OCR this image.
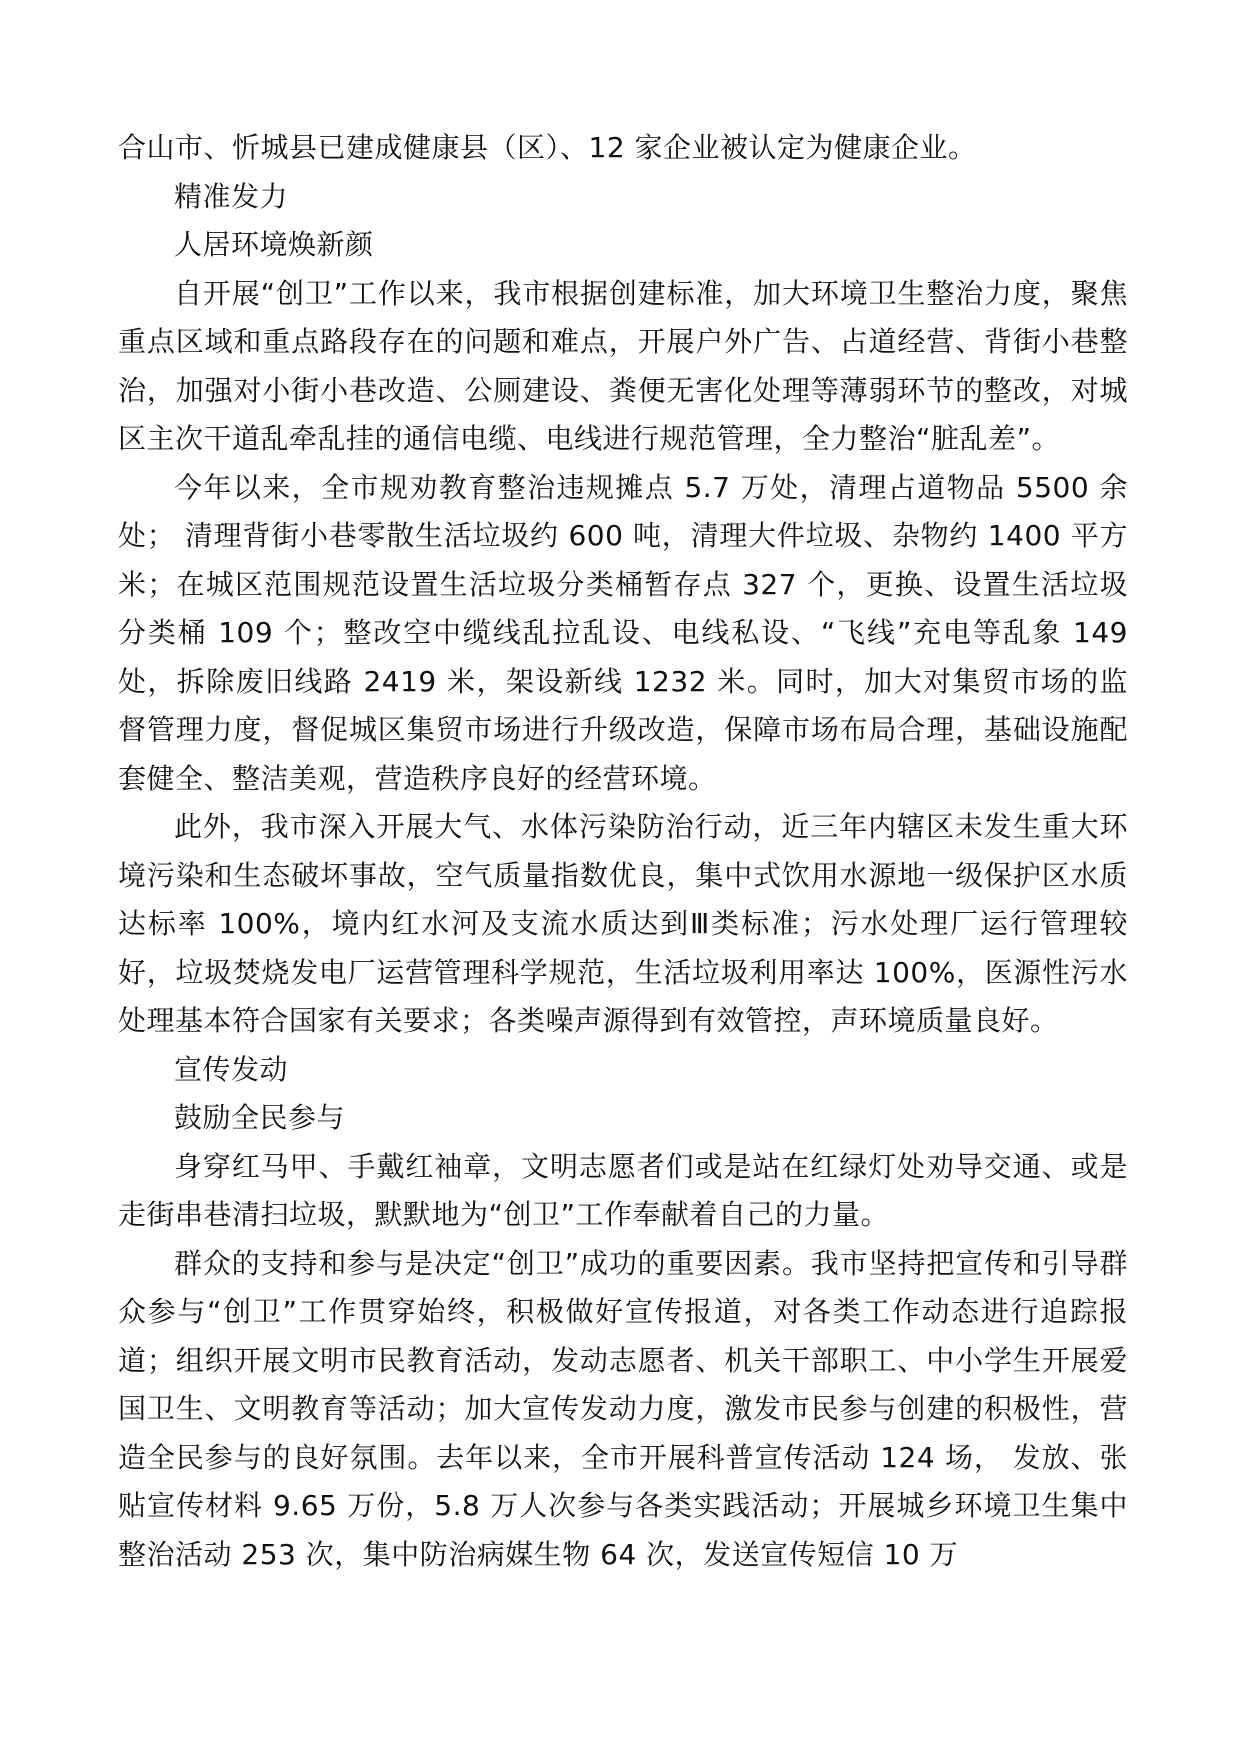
合山市、忻城县已建成健康县（区）、12 家企业被认定为健康企业。

精准发力

人居环境焕新颜

自开展“创卫”工作以来，我市根据创建标准，加大环境卫生整治力度，聚焦重点区域和重点路段存在的问题和难点，开展户外广告、占道经营、背街小巷整治，加强对小街小巷改造、公厕建设、粪便无害化处理等薄弱环节的整改，对城区主次干道乱牵乱挂的通信电缆、电线进行规范管理，全力整治“脏乱差”。

今年以来，全市规劝教育整治违规摊点 5.7 万处，清理占道物品 5500 余处； 清理背街小巷零散生活垃圾约 600 吨，清理大件垃圾、杂物约 1400 平方米；在城区范围规范设置生活垃圾分类桶暂存点 327 个，更换、设置生活垃圾分类桶 109 个；整改空中缆线乱拉乱设、电线私设、“飞线”充电等乱象 149 处，拆除废旧线路 2419 米，架设新线 1232 米。同时，加大对集贸市场的监督管理力度，督促城区集贸市场进行升级改造，保障市场布局合理，基础设施配套健全、整洁美观，营造秩序良好的经营环境。

此外，我市深入开展大气、水体污染防治行动，近三年内辖区未发生重大环境污染和生态破坏事故，空气质量指数优良，集中式饮用水源地一级保护区水质达标率 100%，境内红水河及支流水质达到Ⅲ类标准；污水处理厂运行管理较好，垃圾焚烧发电厂运营管理科学规范，生活垃圾利用率达 100%，医源性污水处理基本符合国家有关要求；各类噪声源得到有效管控，声环境质量良好。

宣传发动

鼓励全民参与

身穿红马甲、手戴红袖章，文明志愿者们或是站在红绿灯处劝导交通、或是走街串巷清扫垃圾，默默地为“创卫”工作奉献着自己的力量。

群众的支持和参与是决定“创卫”成功的重要因素。我市坚持把宣传和引导群众参与“创卫”工作贯穿始终，积极做好宣传报道，对各类工作动态进行追踪报道；组织开展文明市民教育活动，发动志愿者、机关干部职工、中小学生开展爱国卫生、文明教育等活动；加大宣传发动力度，激发市民参与创建的积极性，营造全民参与的良好氛围。去年以来，全市开展科普宣传活动 124 场， 发放、张贴宣传材料 9.65 万份，5.8 万人次参与各类实践活动；开展城乡环境卫生集中整治活动 253 次，集中防治病媒生物 64 次，发送宣传短信 10 万
